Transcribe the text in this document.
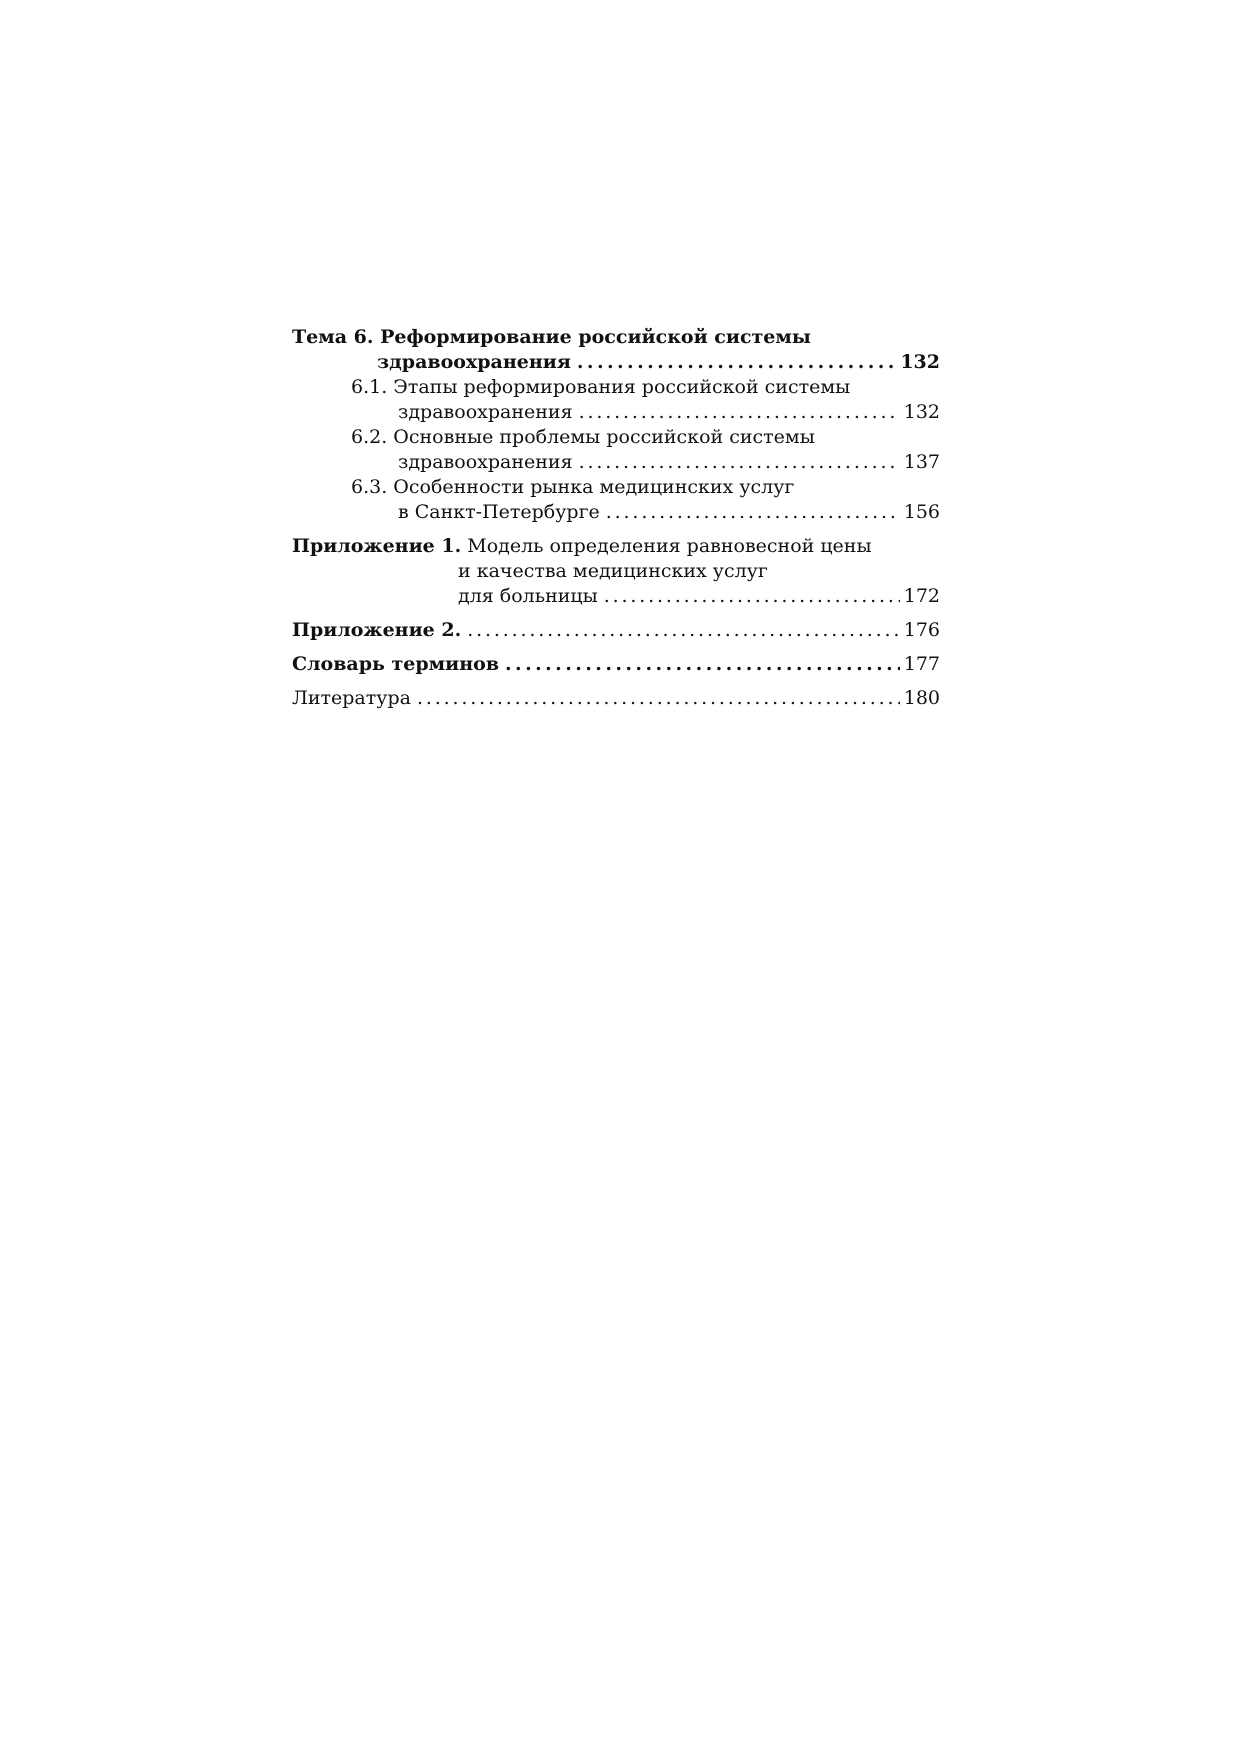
Тема 6. Реформирование российской системы
здравоохранения . . .	132
6.1. Этапы реформирования российской системы
здравоохранения . . .	132
6.2. Основные проблемы российской системы
здравоохранения . . .	137
6.3. Особенности рынка медицинских услуг
в Санкт-Петербурге . . .	156
Приложение 1. Модель определения равновесной цены
и качества медицинских услуг
для больницы . . .	172
Приложение 2. . . .	176
Словарь терминов . . .	177
Литература . . .	180
